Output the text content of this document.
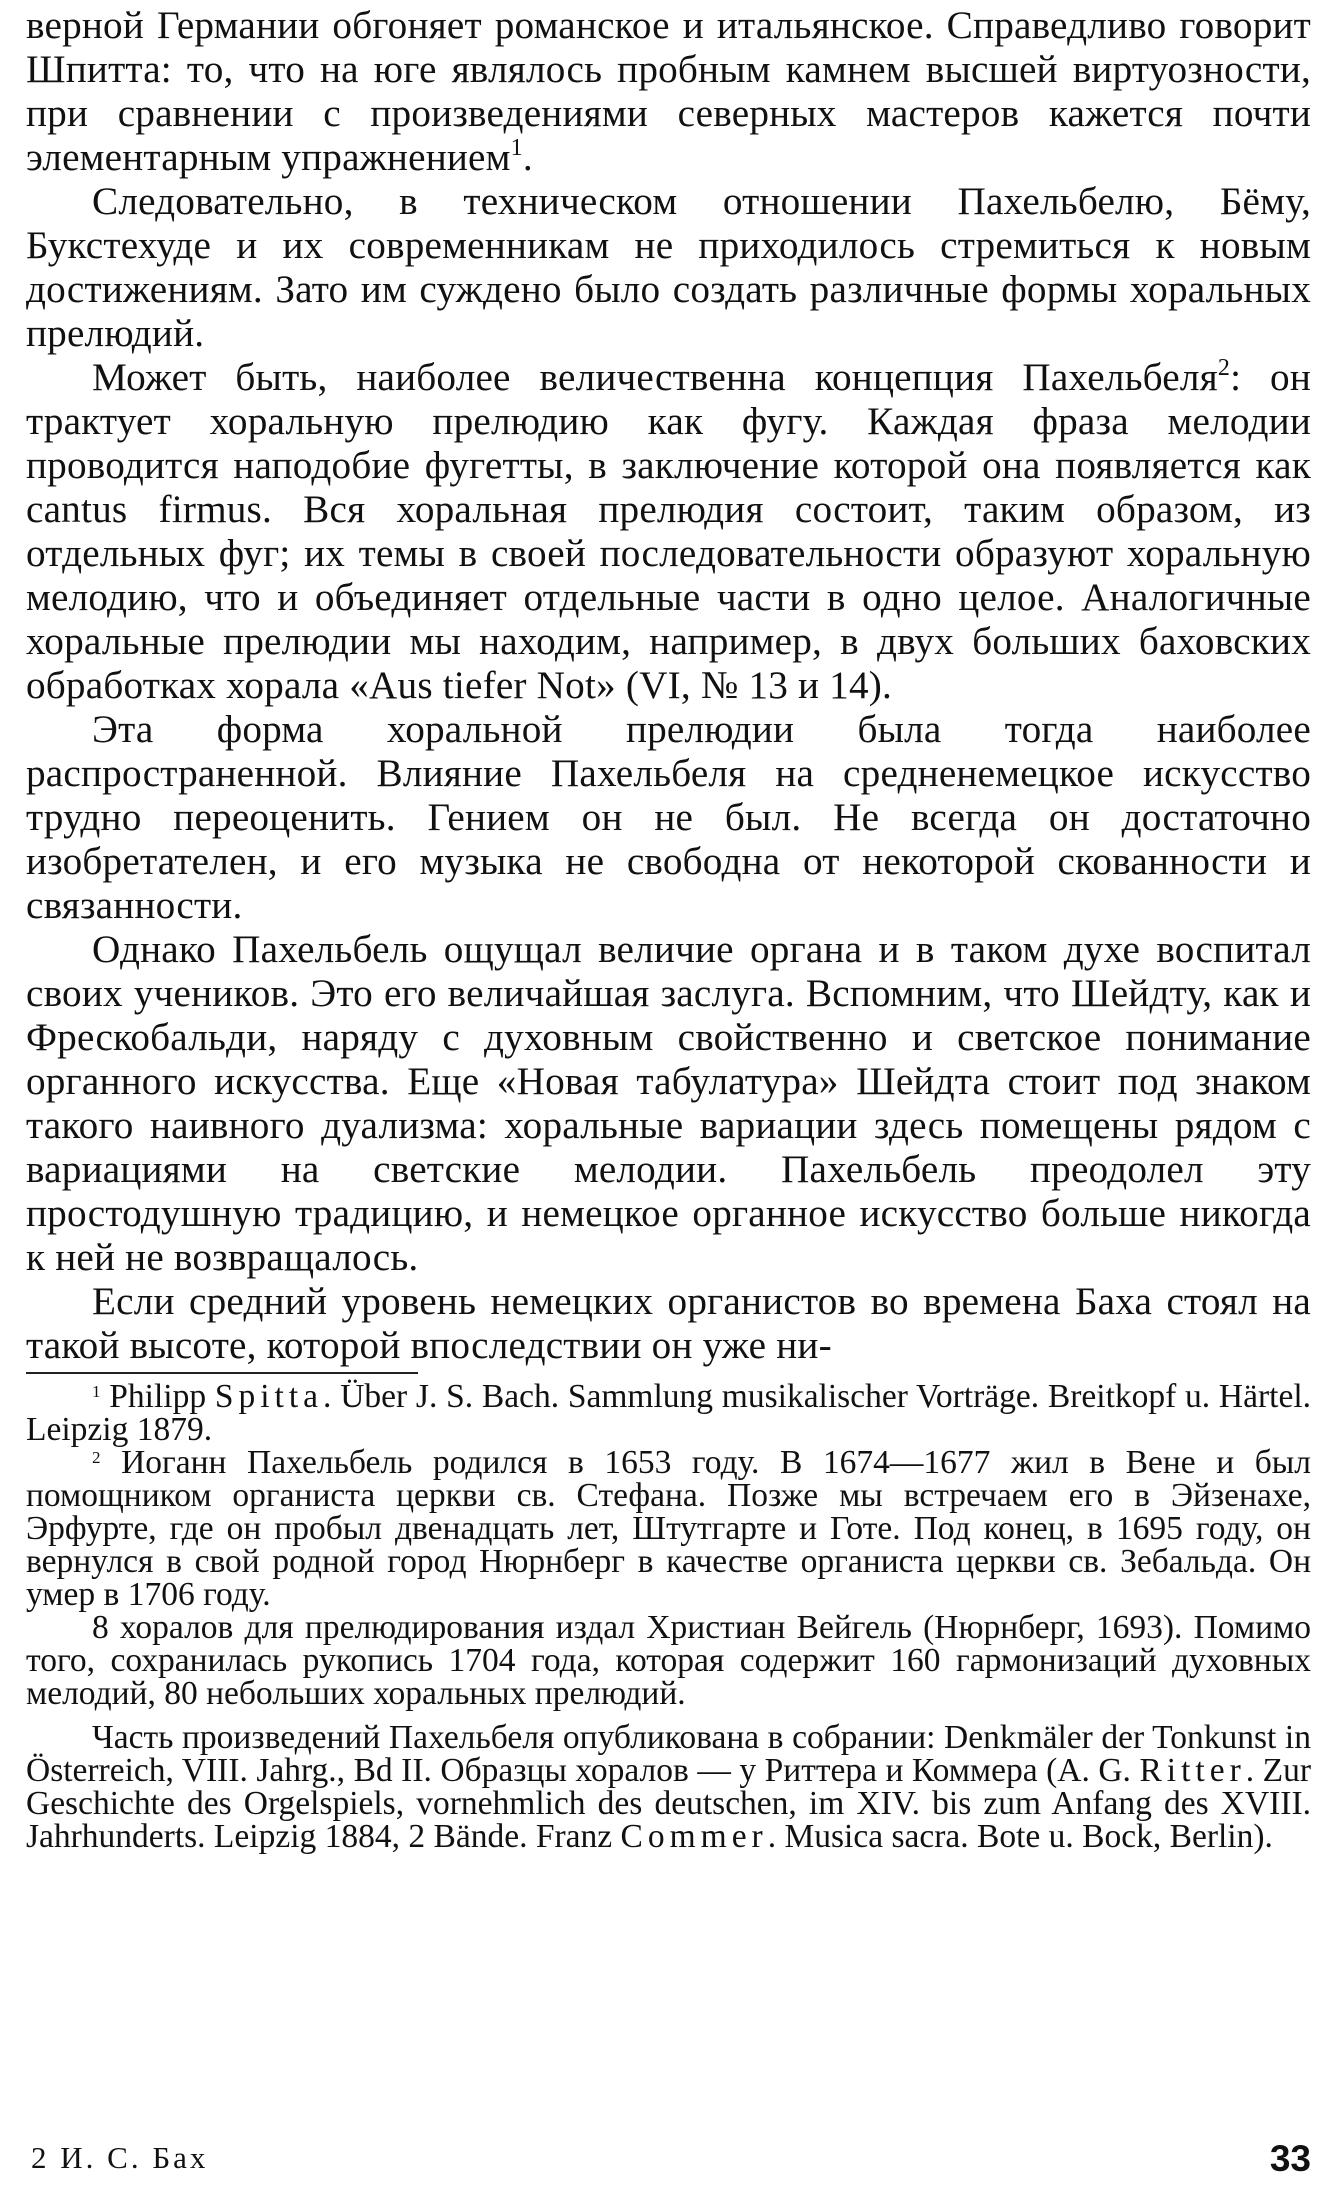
верной Германии обгоняет романское и итальянское. Справедливо говорит Шпитта: то, что на юге являлось пробным камнем высшей виртуозности, при сравнении с произведениями северных мастеров кажется почти элементарным упражнением$^1$.

Следовательно, в техническом отношении Пахельбелю, Бёму, Букстехуде и их современникам не приходилось стремиться к новым достижениям. Зато им суждено было создать различные формы хоральных прелюдий.

Может быть, наиболее величественна концепция Пахельбеля$^2$: он трактует хоральную прелюдию как фугу. Каждая фраза мелодии проводится наподобие фугетты, в заключение которой она появляется как cantus firmus. Вся хоральная прелюдия состоит, таким образом, из отдельных фуг; их темы в своей последовательности образуют хоральную мелодию, что и объединяет отдельные части в одно целое. Аналогичные хоральные прелюдии мы находим, например, в двух больших баховских обработках хорала «Aus tiefer Not» (VI, № 13 и 14).

Эта форма хоральной прелюдии была тогда наиболее распространенной. Влияние Пахельбеля на средненемецкое искусство трудно переоценить. Гением он не был. Не всегда он достаточно изобретателен, и его музыка не свободна от некоторой скованности и связанности.

Однако Пахельбель ощущал величие органа и в таком духе воспитал своих учеников. Это его величайшая заслуга. Вспомним, что Шейдту, как и Фрескобальди, наряду с духовным свойственно и светское понимание органного искусства. Еще «Новая табулатура» Шейдта стоит под знаком такого наивного дуализма: хоральные вариации здесь помещены рядом с вариациями на светские мелодии. Пахельбель преодолел эту простодушную традицию, и немецкое органное искусство больше никогда к ней не возвращалось.

Если средний уровень немецких органистов во времена Баха стоял на такой высоте, которой впоследствии он уже ни-

$^1$ Philipp Spitta. Über J. S. Bach. Sammlung musikalischer Vorträge. Breitkopf u. Härtel. Leipzig 1879.

$^2$ Иоганн Пахельбель родился в 1653 году. В 1674—1677 жил в Вене и был помощником органиста церкви св. Стефана. Позже мы встречаем его в Эйзенахе, Эрфурте, где он пробыл двенадцать лет, Штутгарте и Готе. Под конец, в 1695 году, он вернулся в свой родной город Нюрнберг в качестве органиста церкви св. Зебальда. Он умер в 1706 году.

8 хоралов для прелюдирования издал Христиан Вейгель (Нюрнберг, 1693). Помимо того, сохранилась рукопись 1704 года, которая содержит 160 гармонизаций духовных мелодий, 80 небольших хоральных прелюдий.

Часть произведений Пахельбеля опубликована в собрании: Denkmäler der Tonkunst in Österreich, VIII. Jahrg., Bd II. Образцы хоралов — у Риттера и Коммера (A. G. Ritter. Zur Geschichte des Orgelspiels, vornehmlich des deutschen, im XIV. bis zum Anfang des XVIII. Jahrhunderts. Leipzig 1884, 2 Bände. Franz Commer. Musica sacra. Bote u. Bock, Berlin).

2 И. С. Бах	33
